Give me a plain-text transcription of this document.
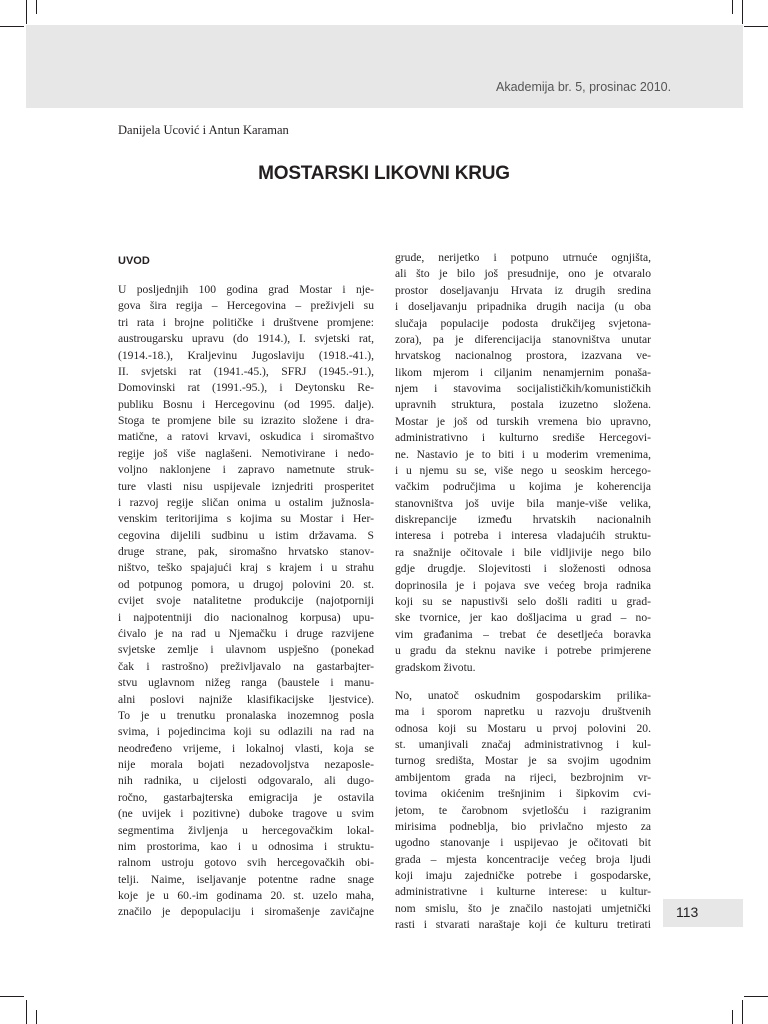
Akademija br. 5, prosinac 2010.
Danijela Ucović i Antun Karaman
MOSTARSKI LIKOVNI KRUG
UVOD
U posljednjih 100 godina grad Mostar i nje-
gova šira regija – Hercegovina – preživjeli su
tri rata i brojne političke i društvene promjene:
austrougarsku upravu (do 1914.), I. svjetski rat,
(1914.-18.), Kraljevinu Jugoslaviju (1918.-41.),
II. svjetski rat (1941.-45.), SFRJ (1945.-91.),
Domovinski rat (1991.-95.), i Deytonsku Re-
publiku Bosnu i Hercegovinu (od 1995. dalje).
Stoga te promjene bile su izrazito složene i dra-
matične, a ratovi krvavi, oskudica i siromaštvo
regije još više naglašeni. Nemotivirane i nedo-
voljno naklonjene i zapravo nametnute struk-
ture vlasti nisu uspijevale iznjedriti prosperitet
i razvoj regije sličan onima u ostalim južnosla-
venskim teritorijima s kojima su Mostar i Her-
cegovina dijelili sudbinu u istim državama. S
druge strane, pak, siromašno hrvatsko stanov-
ništvo, teško spajajući kraj s krajem i u strahu
od potpunog pomora, u drugoj polovini 20. st.
cvijet svoje natalitetne produkcije (najotporniji
i najpotentniji dio nacionalnog korpusa) upu-
ćivalo je na rad u Njemačku i druge razvijene
svjetske zemlje i ulavnom uspješno (ponekad
čak i rastrošno) preživljavalo na gastarbajter-
stvu uglavnom nižeg ranga (baustele i manu-
alni poslovi najniže klasifikacijske ljestvice).
To je u trenutku pronalaska inozemnog posla
svima, i pojedincima koji su odlazili na rad na
neodređeno vrijeme, i lokalnoj vlasti, koja se
nije morala bojati nezadovoljstva nezaposle-
nih radnika, u cijelosti odgovaralo, ali dugo-
ročno, gastarbajterska emigracija je ostavila
(ne uvijek i pozitivne) duboke tragove u svim
segmentima življenja u hercegovačkim lokal-
nim prostorima, kao i u odnosima i struktu-
ralnom ustroju gotovo svih hercegovačkih obi-
telji. Naime, iseljavanje potentne radne snage
koje je u 60.-im godinama 20. st. uzelo maha,
značilo je depopulaciju i siromašenje zavičajne
grude, nerijetko i potpuno utrnuće ognjišta,
ali što je bilo još presudnije, ono je otvaralo
prostor doseljavanju Hrvata iz drugih sredina
i doseljavanju pripadnika drugih nacija (u oba
slučaja populacije podosta drukčijeg svjetona-
zora), pa je diferencijacija stanovništva unutar
hrvatskog nacionalnog prostora, izazvana ve-
likom mjerom i ciljanim nenamjernim ponaša-
njem i stavovima socijalističkih/komunističkih
upravnih struktura, postala izuzetno složena.
Mostar je još od turskih vremena bio upravno,
administrativno i kulturno središe Hercegovi-
ne. Nastavio je to biti i u moderim vremenima,
i u njemu su se, više nego u seoskim hercego-
vačkim područjima u kojima je koherencija
stanovništva još uvije bila manje-više velika,
diskrepancije između hrvatskih nacionalnih
interesa i potreba i interesa vladajućih struktu-
ra snažnije očitovale i bile vidljivije nego bilo
gdje drugdje. Slojevitosti i složenosti odnosa
doprinosila je i pojava sve većeg broja radnika
koji su se napustivši selo došli raditi u grad-
ske tvornice, jer kao došljacima u grad – no-
vim građanima – trebat će desetljeća boravka
u gradu da steknu navike i potrebe primjerene
gradskom životu.
No, unatoč oskudnim gospodarskim prilika-
ma i sporom napretku u razvoju društvenih
odnosa koji su Mostaru u prvoj polovini 20.
st. umanjivali značaj administrativnog i kul-
turnog središta, Mostar je sa svojim ugodnim
ambijentom grada na rijeci, bezbrojnim vr-
tovima okićenim trešnjinim i šipkovim cvi-
jetom, te čarobnom svjetlošću i razigranim
mirisima podneblja, bio privlačno mjesto za
ugodno stanovanje i uspijevao je očitovati bit
grada – mjesta koncentracije većeg broja ljudi
koji imaju zajedničke potrebe i gospodarske,
administrativne i kulturne interese: u kultur-
nom smislu, što je značilo nastojati umjetnički
rasti i stvarati naraštaje koji će kulturu tretirati
113
